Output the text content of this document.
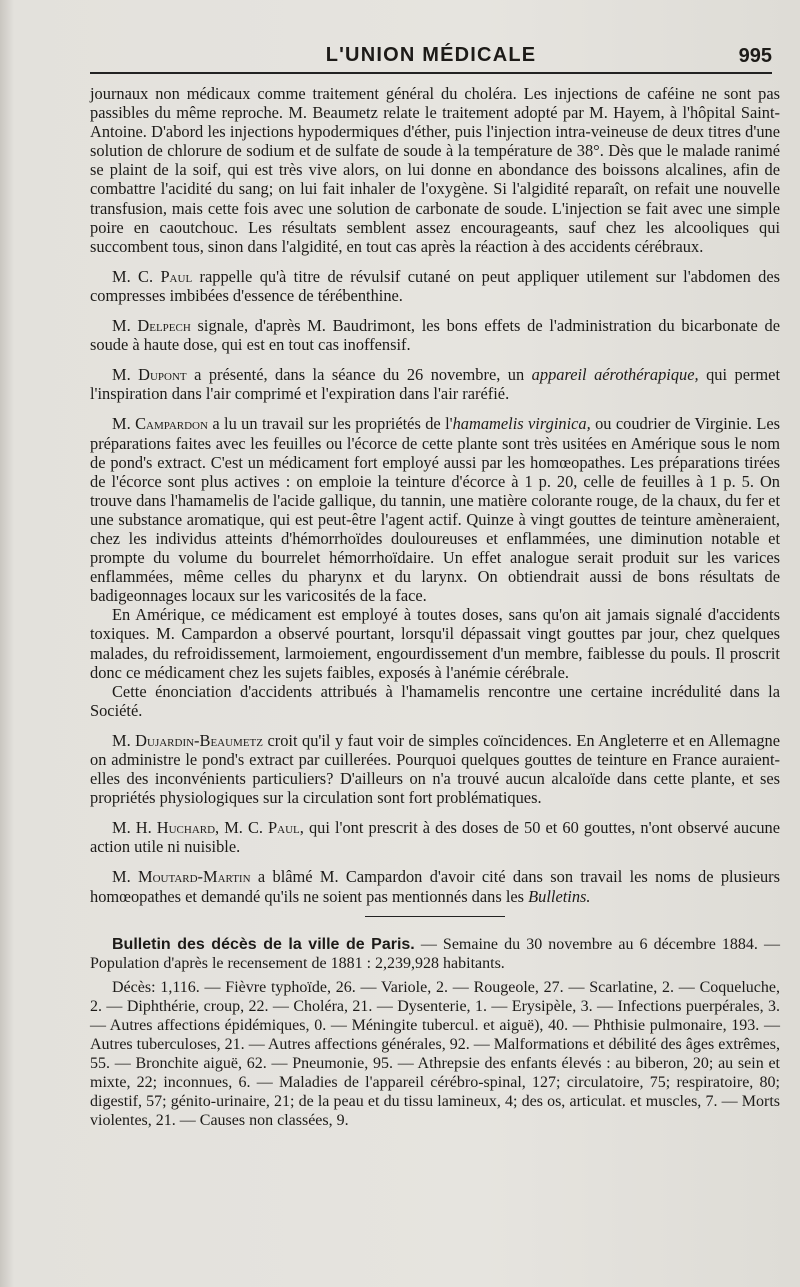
L'UNION MÉDICALE	995

journaux non médicaux comme traitement général du choléra. Les injections de caféine ne sont pas passibles du même reproche. M. Beaumetz relate le traitement adopté par M. Hayem, à l'hôpital Saint-Antoine. D'abord les injections hypodermiques d'éther, puis l'injection intra-veineuse de deux titres d'une solution de chlorure de sodium et de sulfate de soude à la température de 38°. Dès que le malade ranimé se plaint de la soif, qui est très vive alors, on lui donne en abondance des boissons alcalines, afin de combattre l'acidité du sang; on lui fait inhaler de l'oxygène. Si l'algidité reparaît, on refait une nouvelle transfusion, mais cette fois avec une solution de carbonate de soude. L'injection se fait avec une simple poire en caoutchouc. Les résultats semblent assez encourageants, sauf chez les alcooliques qui succombent tous, sinon dans l'algidité, en tout cas après la réaction à des accidents cérébraux.

M. C. Paul rappelle qu'à titre de révulsif cutané on peut appliquer utilement sur l'abdomen des compresses imbibées d'essence de térébenthine.

M. Delpech signale, d'après M. Baudrimont, les bons effets de l'administration du bicarbonate de soude à haute dose, qui est en tout cas inoffensif.

M. Dupont a présenté, dans la séance du 26 novembre, un appareil aérothérapique, qui permet l'inspiration dans l'air comprimé et l'expiration dans l'air raréfié.

M. Campardon a lu un travail sur les propriétés de l'hamamelis virginica, ou coudrier de Virginie. Les préparations faites avec les feuilles ou l'écorce de cette plante sont très usitées en Amérique sous le nom de pond's extract. C'est un médicament fort employé aussi par les homœopathes. Les préparations tirées de l'écorce sont plus actives : on emploie la teinture d'écorce à 1 p. 20, celle de feuilles à 1 p. 5. On trouve dans l'hamamelis de l'acide gallique, du tannin, une matière colorante rouge, de la chaux, du fer et une substance aromatique, qui est peut-être l'agent actif. Quinze à vingt gouttes de teinture amèneraient, chez les individus atteints d'hémorrhoïdes douloureuses et enflammées, une diminution notable et prompte du volume du bourrelet hémorrhoïdaire. Un effet analogue serait produit sur les varices enflammées, même celles du pharynx et du larynx. On obtiendrait aussi de bons résultats de badigeonnages locaux sur les varicosités de la face.

En Amérique, ce médicament est employé à toutes doses, sans qu'on ait jamais signalé d'accidents toxiques. M. Campardon a observé pourtant, lorsqu'il dépassait vingt gouttes par jour, chez quelques malades, du refroidissement, larmoiement, engourdissement d'un membre, faiblesse du pouls. Il proscrit donc ce médicament chez les sujets faibles, exposés à l'anémie cérébrale.

Cette énonciation d'accidents attribués à l'hamamelis rencontre une certaine incrédulité dans la Société.

M. Dujardin-Beaumetz croit qu'il y faut voir de simples coïncidences. En Angleterre et en Allemagne on administre le pond's extract par cuillerées. Pourquoi quelques gouttes de teinture en France auraient-elles des inconvénients particuliers? D'ailleurs on n'a trouvé aucun alcaloïde dans cette plante, et ses propriétés physiologiques sur la circulation sont fort problématiques.

M. H. Huchard, M. C. Paul, qui l'ont prescrit à des doses de 50 et 60 gouttes, n'ont observé aucune action utile ni nuisible.

M. Moutard-Martin a blâmé M. Campardon d'avoir cité dans son travail les noms de plusieurs homœopathes et demandé qu'ils ne soient pas mentionnés dans les Bulletins.

Bulletin des décès de la ville de Paris. — Semaine du 30 novembre au 6 décembre 1884. — Population d'après le recensement de 1881 : 2,239,928 habitants.

Décès: 1,116. — Fièvre typhoïde, 26. — Variole, 2. — Rougeole, 27. — Scarlatine, 2. — Coqueluche, 2. — Diphthérie, croup, 22. — Choléra, 21. — Dysenterie, 1. — Erysipèle, 3. — Infections puerpérales, 3. — Autres affections épidémiques, 0. — Méningite tubercul. et aiguë), 40. — Phthisie pulmonaire, 193. — Autres tuberculoses, 21. — Autres affections générales, 92. — Malformations et débilité des âges extrêmes, 55. — Bronchite aiguë, 62. — Pneumonie, 95. — Athrepsie des enfants élevés : au biberon, 20; au sein et mixte, 22; inconnues, 6. — Maladies de l'appareil cérébro-spinal, 127; circulatoire, 75; respiratoire, 80; digestif, 57; génito-urinaire, 21; de la peau et du tissu lamineux, 4; des os, articulat. et muscles, 7. — Morts violentes, 21. — Causes non classées, 9.
